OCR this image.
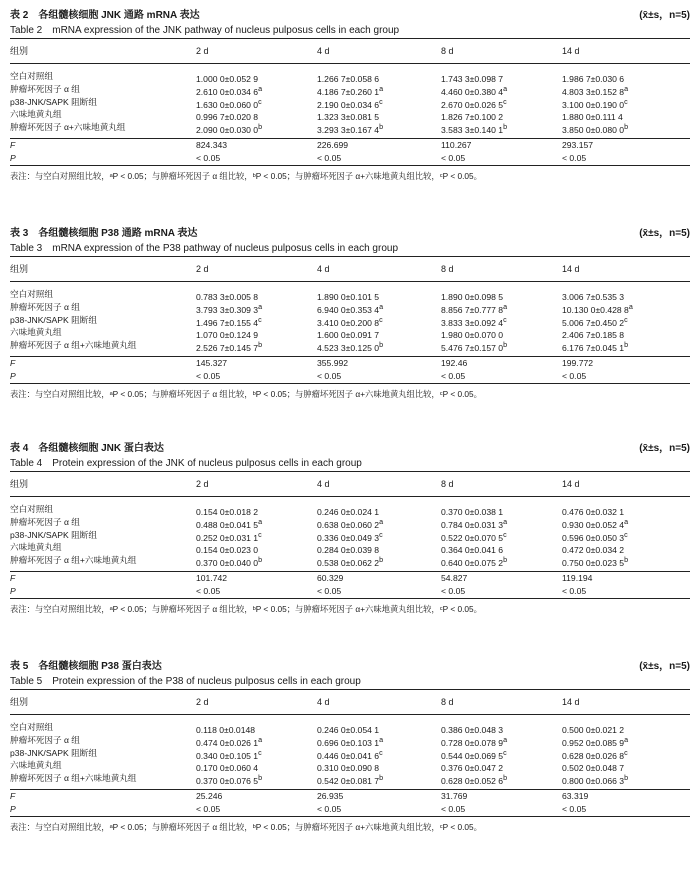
表 2　各组髓核细胞 JNK 通路 mRNA 表达	(x̄±s，n=5)
Table 2　mRNA expression of the JNK pathway of nucleus pulposus cells in each group
组别	2 d	4 d	8 d	14 d
空白对照组	1.000 0±0.052 9	1.266 7±0.058 6	1.743 3±0.098 7	1.986 7±0.030 6
肿瘤坏死因子 α 组	2.610 0±0.034 6$^a$	4.186 7±0.260 1$^a$	4.460 0±0.380 4$^a$	4.803 3±0.152 8$^a$
p38-JNK/SAPK 阻断组	1.630 0±0.060 0$^c$	2.190 0±0.034 6$^c$	2.670 0±0.026 5$^c$	3.100 0±0.190 0$^c$
六味地黄丸组	0.996 7±0.020 8	1.323 3±0.081 5	1.826 7±0.100 2	1.880 0±0.111 4
肿瘤坏死因子 α+六味地黄丸组	2.090 0±0.030 0$^b$	3.293 3±0.167 4$^b$	3.583 3±0.140 1$^b$	3.850 0±0.080 0$^b$
F	824.343	226.699	110.267	293.157
P	< 0.05	< 0.05	< 0.05	< 0.05
表注：与空白对照组比较，ᵃP < 0.05；与肿瘤坏死因子 α 组比较，ᵇP < 0.05；与肿瘤坏死因子 α+六味地黄丸组比较，ᶜP < 0.05。
表 3　各组髓核细胞 P38 通路 mRNA 表达	(x̄±s，n=5)
Table 3　mRNA expression of the P38 pathway of nucleus pulposus cells in each group
组别	2 d	4 d	8 d	14 d
空白对照组	0.783 3±0.005 8	1.890 0±0.101 5	1.890 0±0.098 5	3.006 7±0.535 3
肿瘤坏死因子 α 组	3.793 3±0.309 3$^a$	6.940 0±0.353 4$^a$	8.856 7±0.777 8$^a$	10.130 0±0.428 8$^a$
p38-JNK/SAPK 阻断组	1.496 7±0.155 4$^c$	3.410 0±0.200 8$^c$	3.833 3±0.092 4$^c$	5.006 7±0.450 2$^c$
六味地黄丸组	1.070 0±0.124 9	1.600 0±0.091 7	1.980 0±0.070 0	2.406 7±0.185 8
肿瘤坏死因子 α 组+六味地黄丸组	2.526 7±0.145 7$^b$	4.523 3±0.125 0$^b$	5.476 7±0.157 0$^b$	6.176 7±0.045 1$^b$
F	145.327	355.992	192.46	199.772
P	< 0.05	< 0.05	< 0.05	< 0.05
表注：与空白对照组比较，ᵃP < 0.05；与肿瘤坏死因子 α 组比较，ᵇP < 0.05；与肿瘤坏死因子 α+六味地黄丸组比较，ᶜP < 0.05。
表 4　各组髓核细胞 JNK 蛋白表达	(x̄±s，n=5)
Table 4　Protein expression of the JNK of nucleus pulposus cells in each group
组别	2 d	4 d	8 d	14 d
空白对照组	0.154 0±0.018 2	0.246 0±0.024 1	0.370 0±0.038 1	0.476 0±0.032 1
肿瘤坏死因子 α 组	0.488 0±0.041 5$^a$	0.638 0±0.060 2$^a$	0.784 0±0.031 3$^a$	0.930 0±0.052 4$^a$
p38-JNK/SAPK 阻断组	0.252 0±0.031 1$^c$	0.336 0±0.049 3$^c$	0.522 0±0.070 5$^c$	0.596 0±0.050 3$^c$
六味地黄丸组	0.154 0±0.023 0	0.284 0±0.039 8	0.364 0±0.041 6	0.472 0±0.034 2
肿瘤坏死因子 α 组+六味地黄丸组	0.370 0±0.040 0$^b$	0.538 0±0.062 2$^b$	0.640 0±0.075 2$^b$	0.750 0±0.023 5$^b$
F	101.742	60.329	54.827	119.194
P	< 0.05	< 0.05	< 0.05	< 0.05
表注：与空白对照组比较，ᵃP < 0.05；与肿瘤坏死因子 α 组比较，ᵇP < 0.05；与肿瘤坏死因子 α+六味地黄丸组比较，ᶜP < 0.05。
表 5　各组髓核细胞 P38 蛋白表达	(x̄±s，n=5)
Table 5　Protein expression of the P38 of nucleus pulposus cells in each group
组别	2 d	4 d	8 d	14 d
空白对照组	0.118 0±0.0148	0.246 0±0.054 1	0.386 0±0.048 3	0.500 0±0.021 2
肿瘤坏死因子 α 组	0.474 0±0.026 1$^a$	0.696 0±0.103 1$^a$	0.728 0±0.078 9$^a$	0.952 0±0.085 9$^a$
p38-JNK/SAPK 阻断组	0.340 0±0.105 1$^c$	0.446 0±0.041 6$^c$	0.544 0±0.069 5$^c$	0.628 0±0.026 8$^c$
六味地黄丸组	0.170 0±0.060 4	0.310 0±0.090 8	0.376 0±0.047 2	0.502 0±0.048 7
肿瘤坏死因子 α 组+六味地黄丸组	0.370 0±0.076 5$^b$	0.542 0±0.081 7$^b$	0.628 0±0.052 6$^b$	0.800 0±0.066 3$^b$
F	25.246	26.935	31.769	63.319
P	< 0.05	< 0.05	< 0.05	< 0.05
表注：与空白对照组比较，ᵃP < 0.05；与肿瘤坏死因子 α 组比较，ᵇP < 0.05；与肿瘤坏死因子 α+六味地黄丸组比较，ᶜP < 0.05。
